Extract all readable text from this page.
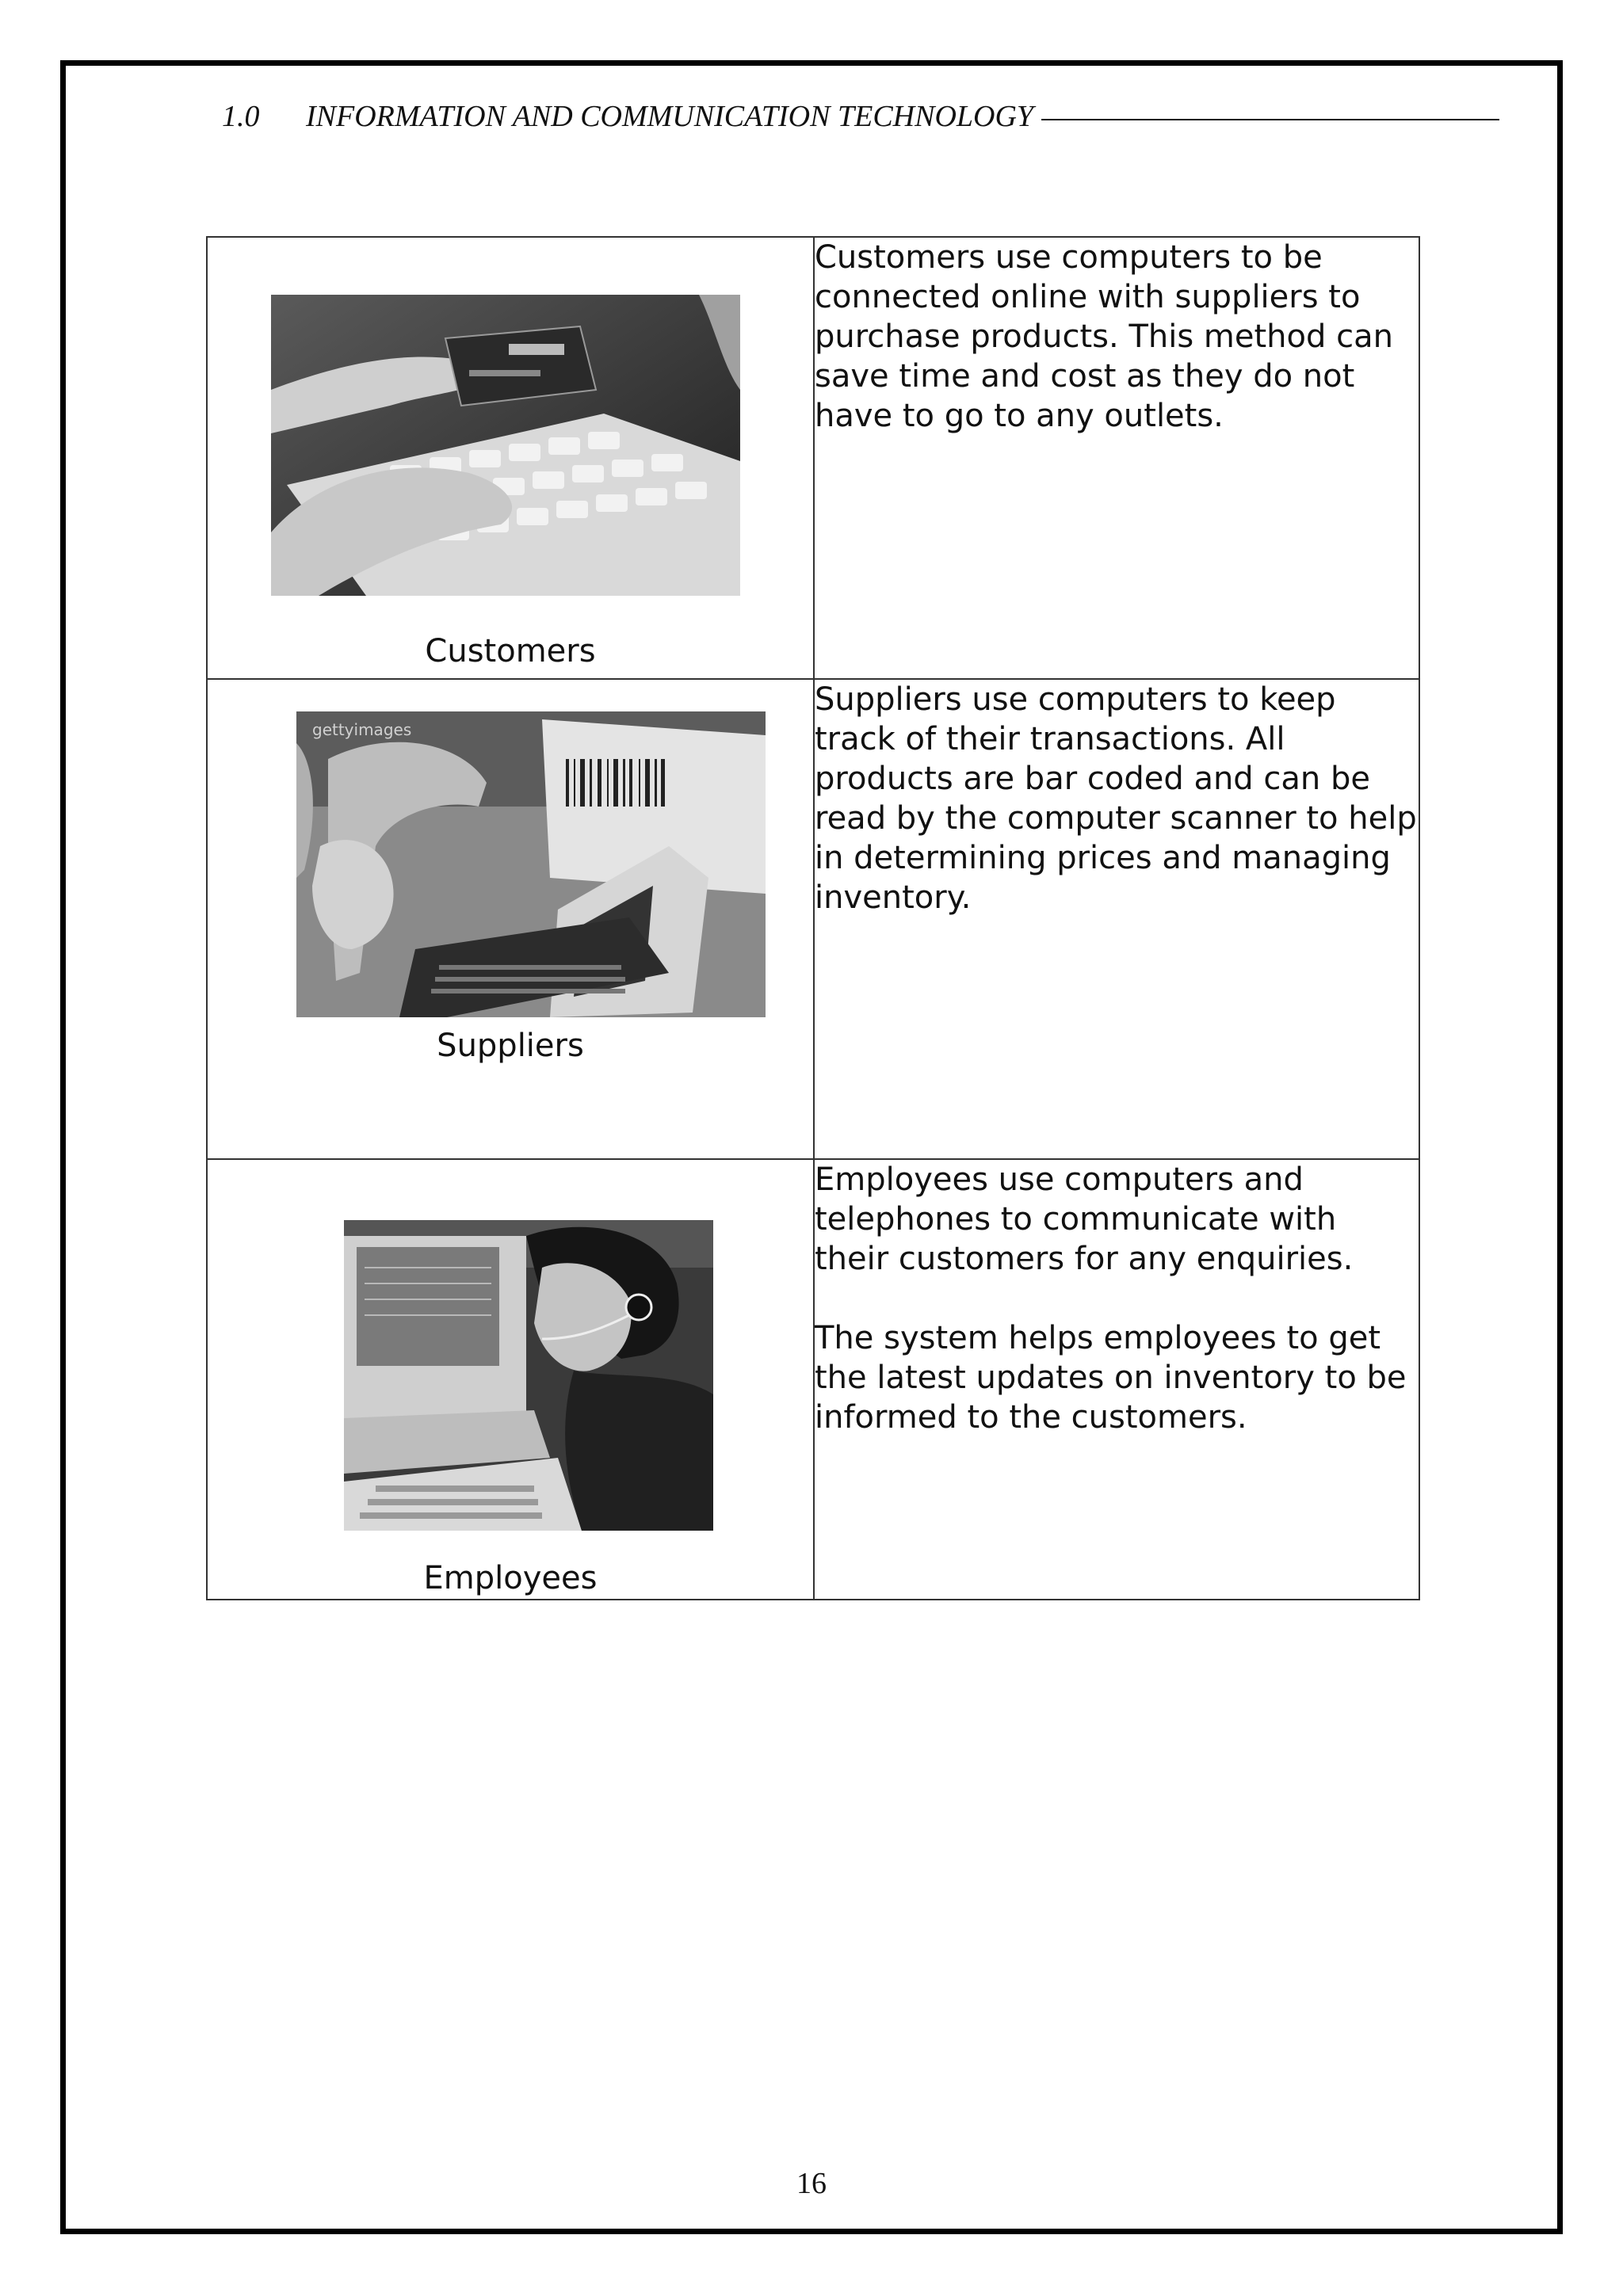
1.0	INFORMATION AND COMMUNICATION TECHNOLOGY
Customers	Customers use computers to be connected online with suppliers to purchase products. This method can save time and cost as they do not have to go to any outlets.

gettyimages
Suppliers	Suppliers use computers to keep track of their transactions. All products are bar coded and can be read by the computer scanner to help in determining prices and managing inventory.

Employees	Employees use computers and telephones to communicate with their customers for any enquiries.

The system helps employees to get the latest updates on inventory to be informed to the customers.

16
